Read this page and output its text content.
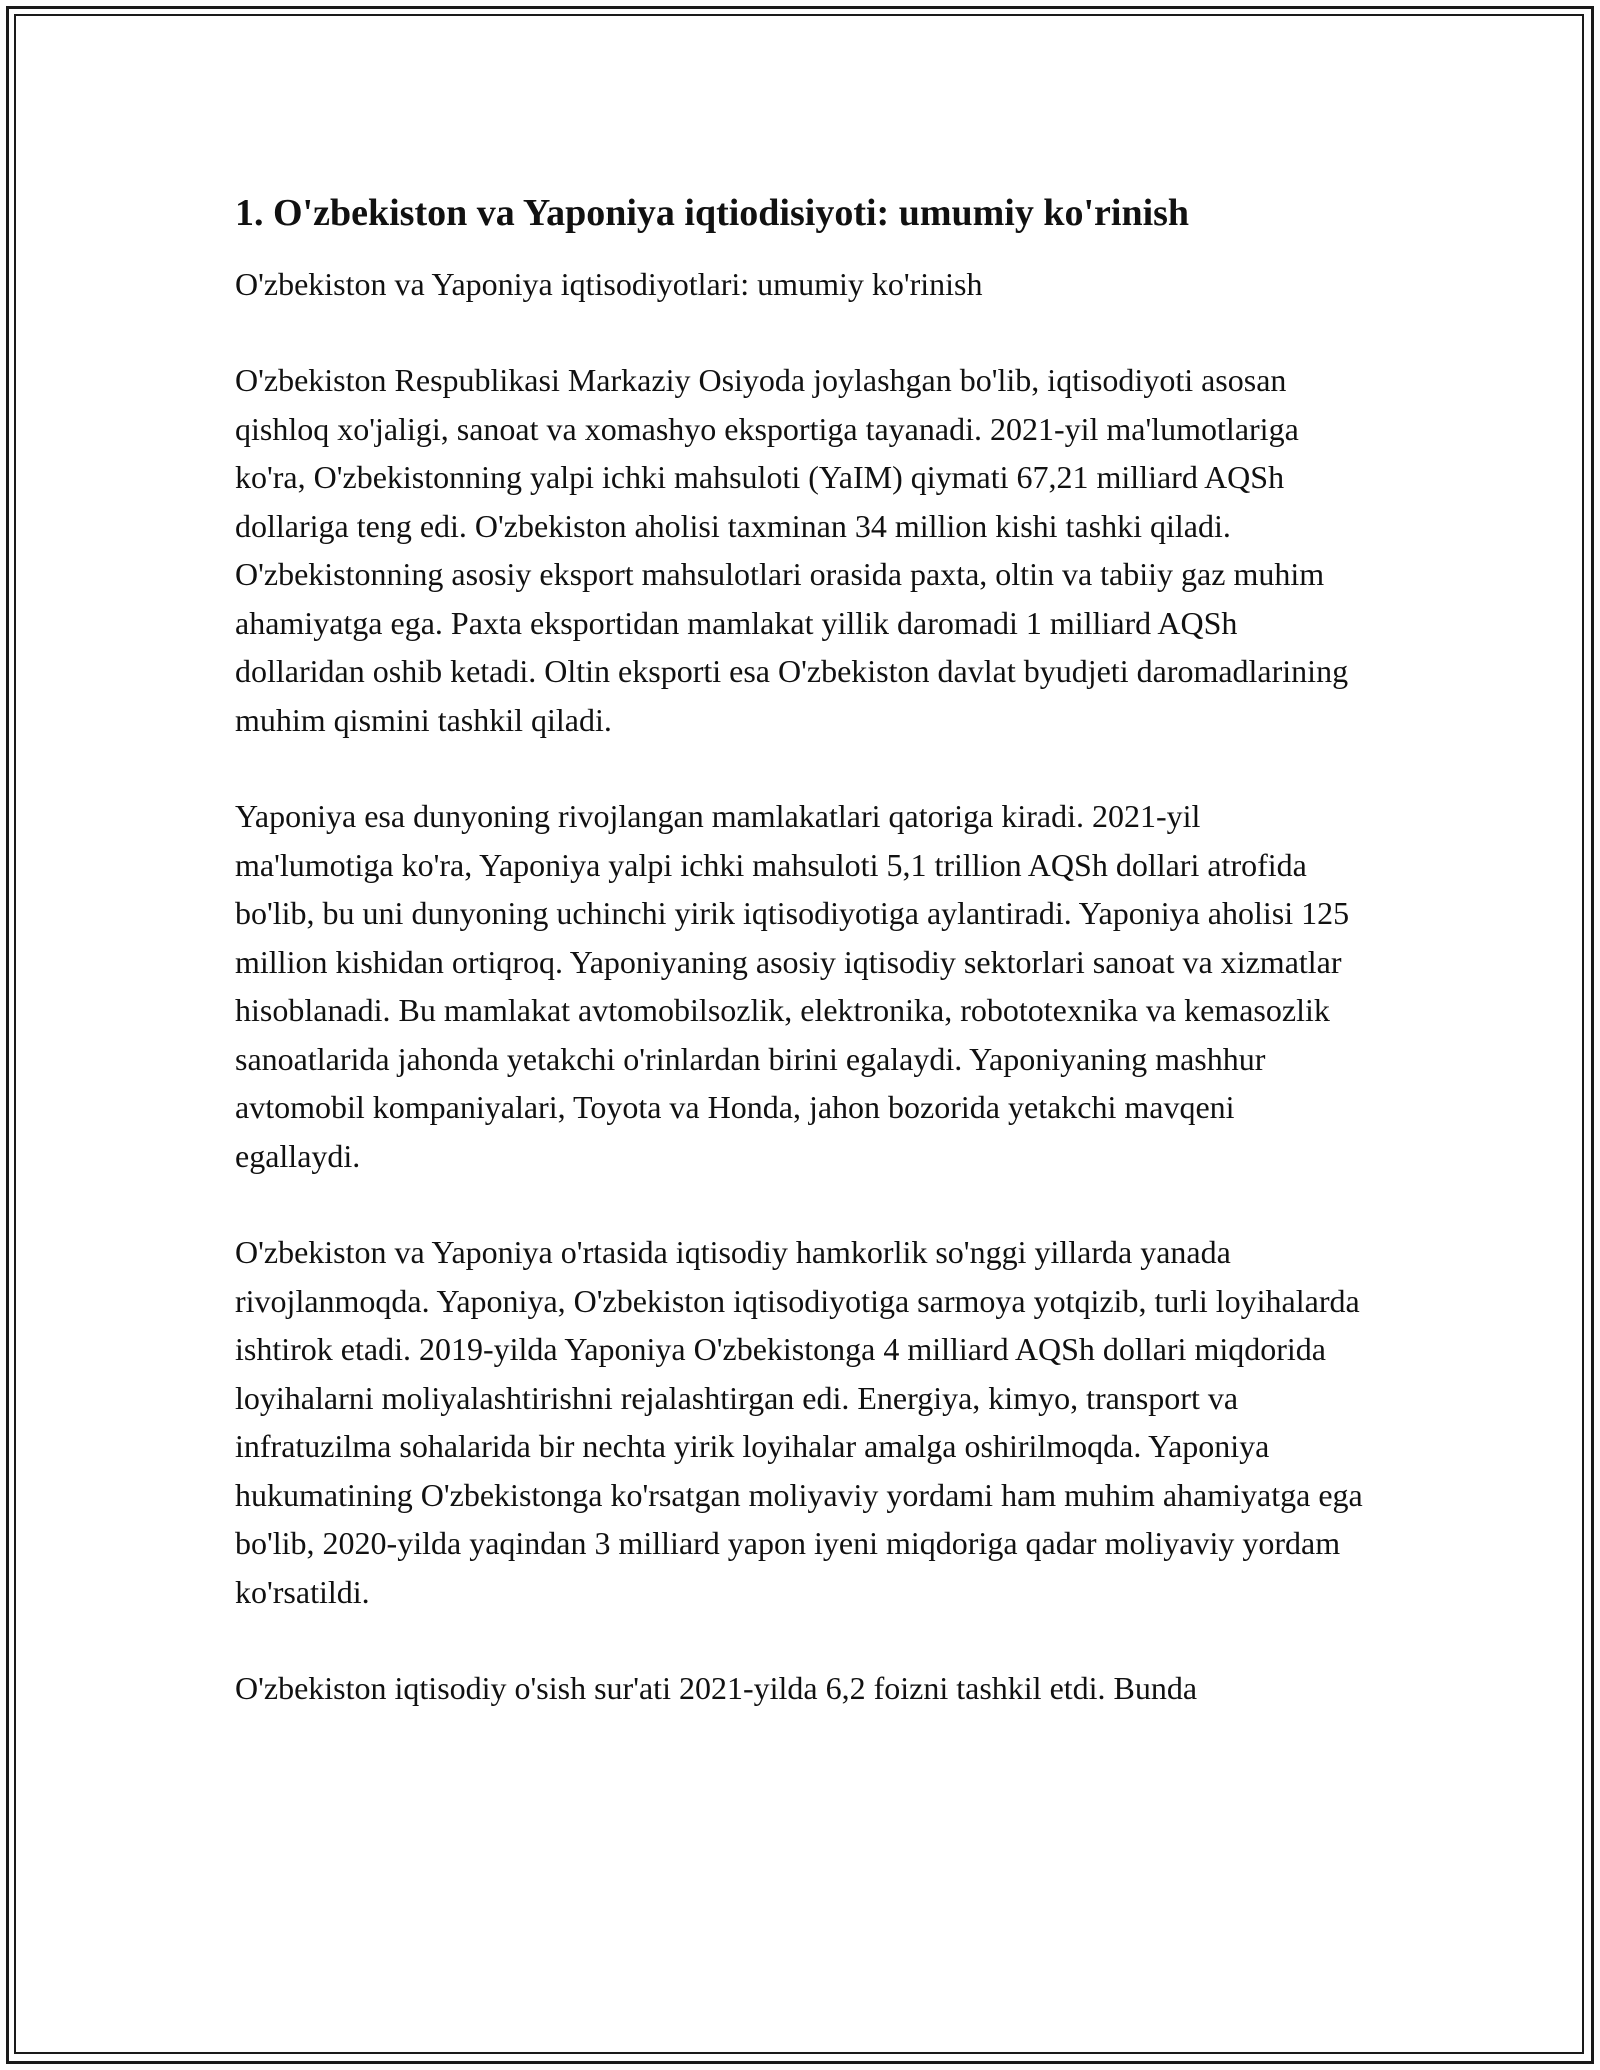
1. O'zbekiston va Yaponiya iqtiodisiyoti: umumiy ko'rinish

O'zbekiston va Yaponiya iqtisodiyotlari: umumiy ko'rinish

O'zbekiston Respublikasi Markaziy Osiyoda joylashgan bo'lib, iqtisodiyoti asosan qishloq xo'jaligi, sanoat va xomashyo eksportiga tayanadi. 2021-yil ma'lumotlariga ko'ra, O'zbekistonning yalpi ichki mahsuloti (YaIM) qiymati 67,21 milliard AQSh dollariga teng edi. O'zbekiston aholisi taxminan 34 million kishi tashki qiladi. O'zbekistonning asosiy eksport mahsulotlari orasida paxta, oltin va tabiiy gaz muhim ahamiyatga ega. Paxta eksportidan mamlakat yillik daromadi 1 milliard AQSh dollaridan oshib ketadi. Oltin eksporti esa O'zbekiston davlat byudjeti daromadlarining muhim qismini tashkil qiladi.

Yaponiya esa dunyoning rivojlangan mamlakatlari qatoriga kiradi. 2021-yil ma'lumotiga ko'ra, Yaponiya yalpi ichki mahsuloti 5,1 trillion AQSh dollari atrofida bo'lib, bu uni dunyoning uchinchi yirik iqtisodiyotiga aylantiradi. Yaponiya aholisi 125 million kishidan ortiqroq. Yaponiyaning asosiy iqtisodiy sektorlari sanoat va xizmatlar hisoblanadi. Bu mamlakat avtomobilsozlik, elektronika, robototexnika va kemasozlik sanoatlarida jahonda yetakchi o'rinlardan birini egalaydi. Yaponiyaning mashhur avtomobil kompaniyalari, Toyota va Honda, jahon bozorida yetakchi mavqeni egallaydi.

O'zbekiston va Yaponiya o'rtasida iqtisodiy hamkorlik so'nggi yillarda yanada rivojlanmoqda. Yaponiya, O'zbekiston iqtisodiyotiga sarmoya yotqizib, turli loyihalarda ishtirok etadi. 2019-yilda Yaponiya O'zbekistonga 4 milliard AQSh dollari miqdorida loyihalarni moliyalashtirishni rejalashtirgan edi. Energiya, kimyo, transport va infratuzilma sohalarida bir nechta yirik loyihalar amalga oshirilmoqda. Yaponiya hukumatining O'zbekistonga ko'rsatgan moliyaviy yordami ham muhim ahamiyatga ega bo'lib, 2020-yilda yaqindan 3 milliard yapon iyeni miqdoriga qadar moliyaviy yordam ko'rsatildi.

O'zbekiston iqtisodiy o'sish sur'ati 2021-yilda 6,2 foizni tashkil etdi. Bunda
